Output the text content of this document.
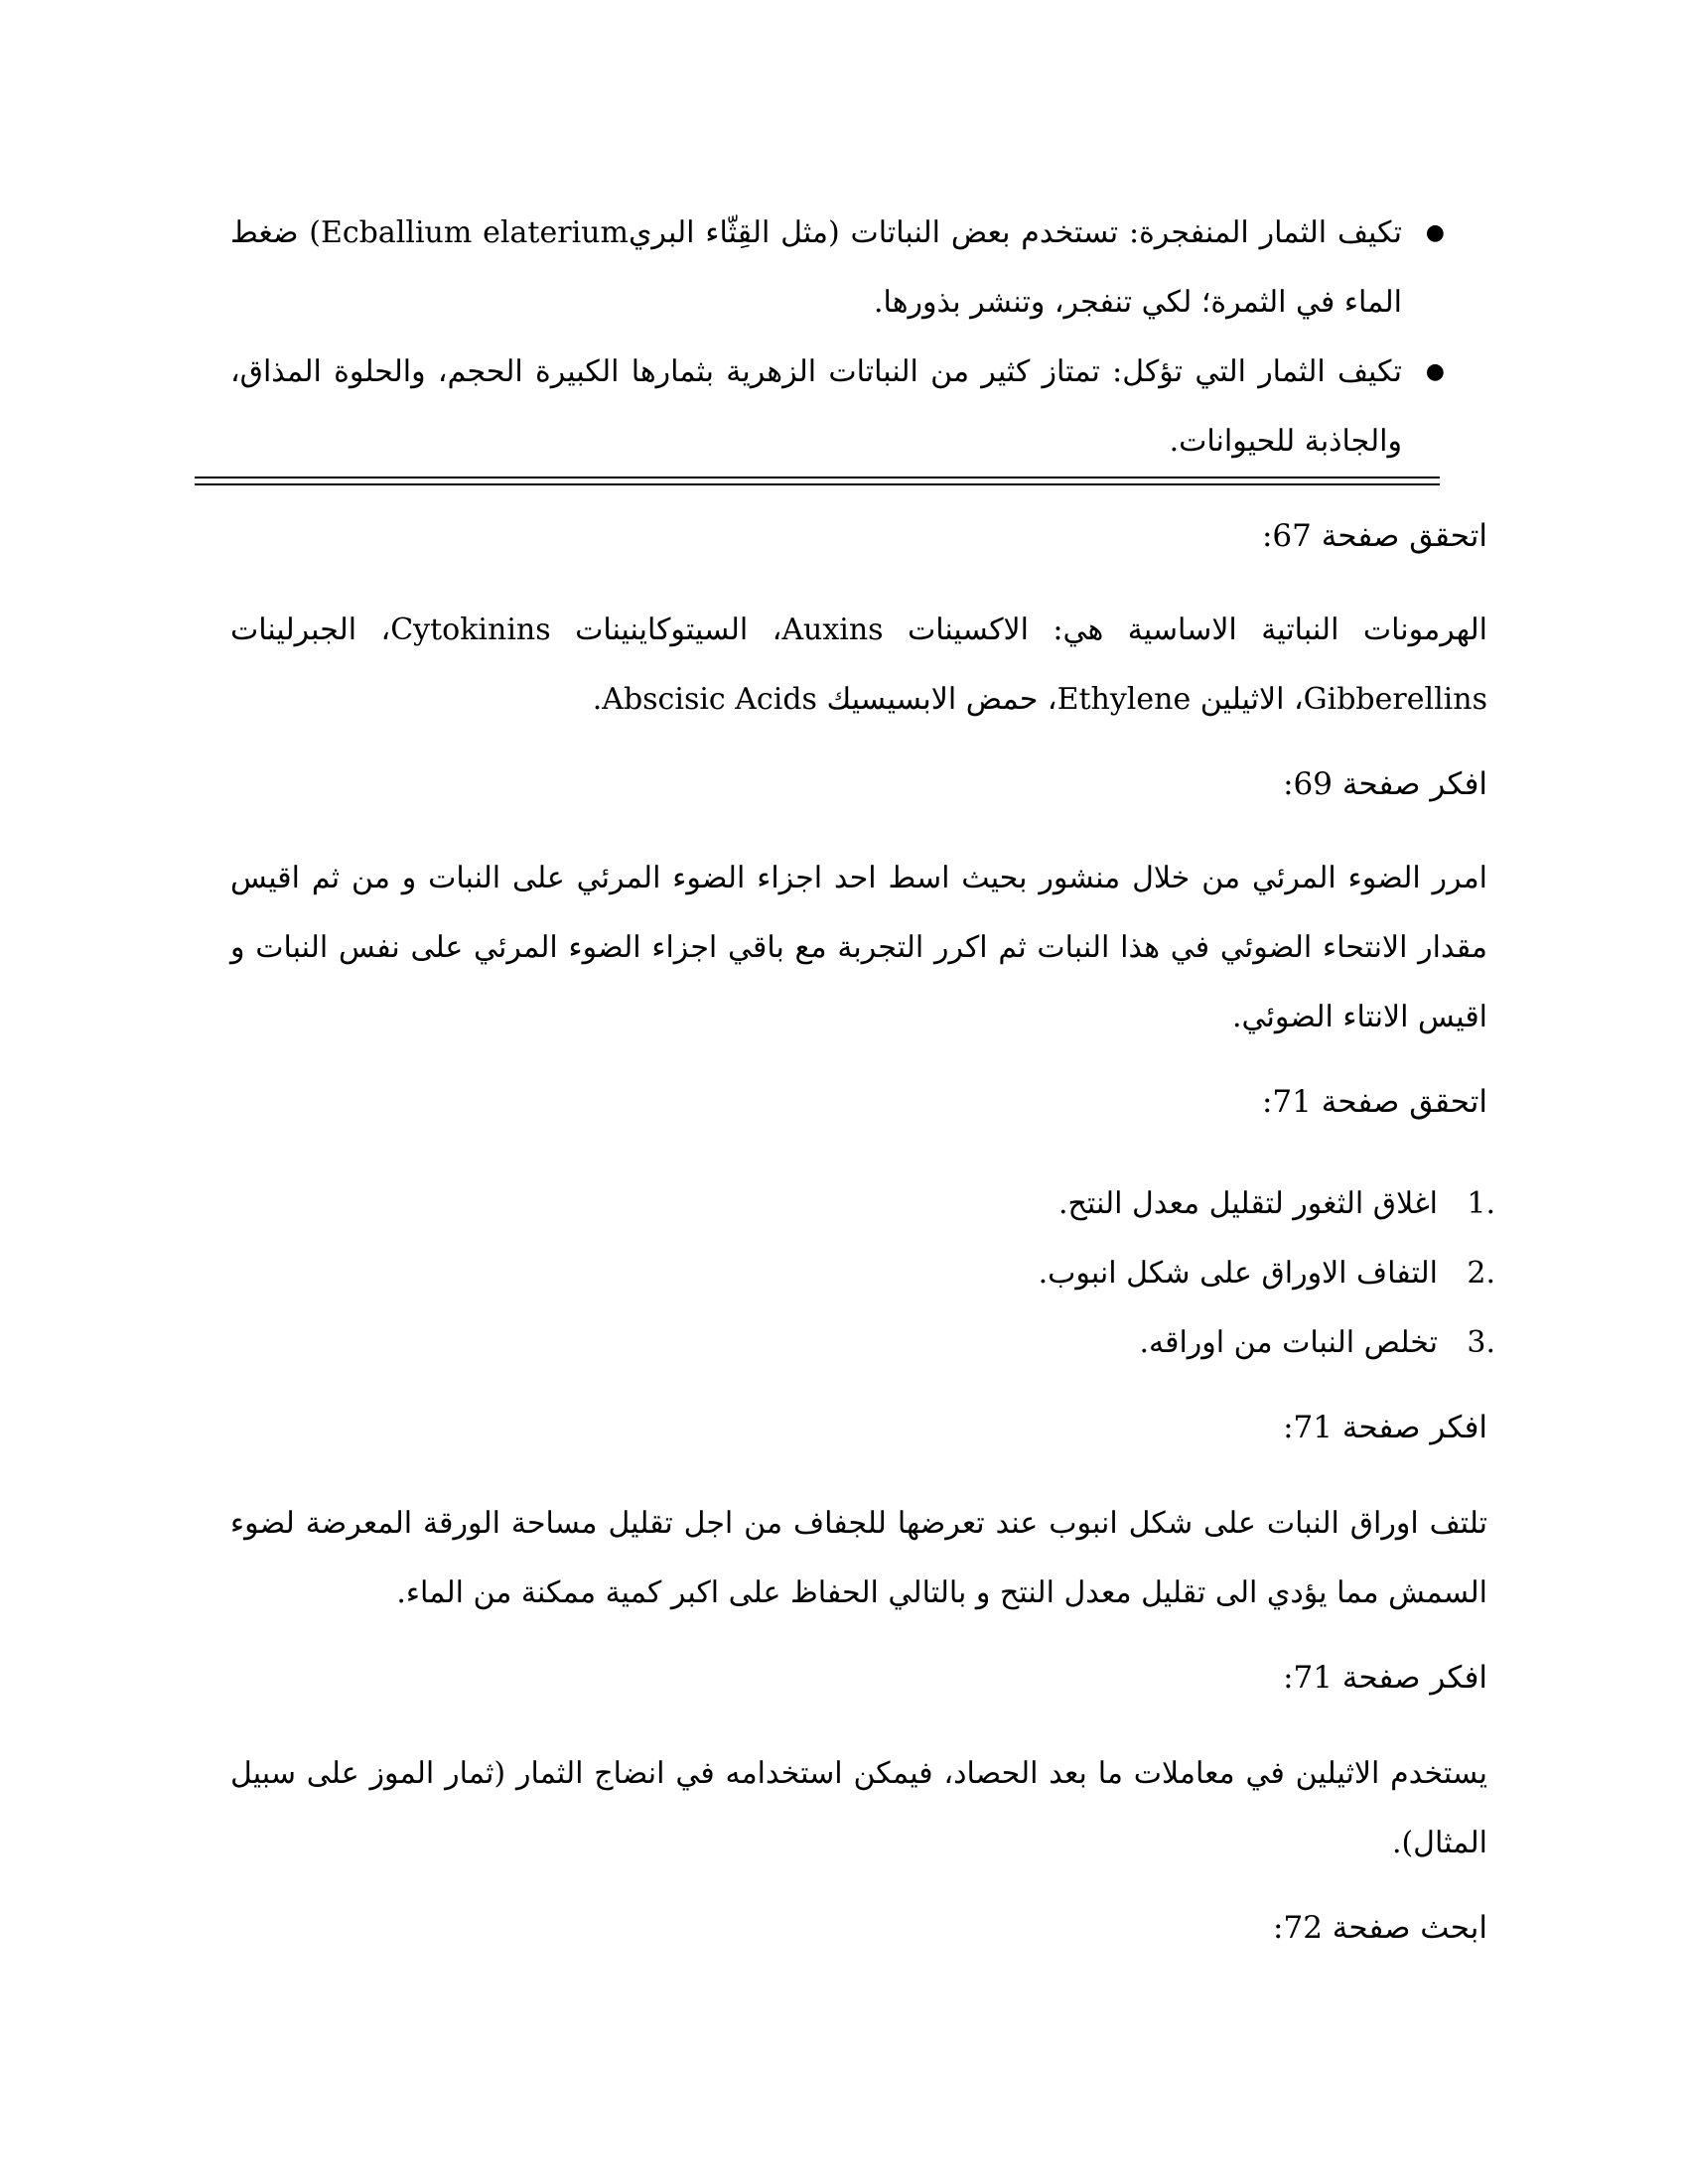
●
تكيف الثمار المنفجرة: تستخدم بعض النباتات (مثل القِثّاء البريEcballium elaterium) ضغط الماء في الثمرة؛ لكي تنفجر، وتنشر بذورها.
●
تكيف الثمار التي تؤكل: تمتاز كثير من النباتات الزهرية بثمارها الكبيرة الحجم، والحلوة المذاق، والجاذبة للحيوانات.
اتحقق صفحة 67:
الهرمونات النباتية الاساسية هي: الاكسينات Auxins، السيتوكاينينات Cytokinins، الجبرلينات Gibberellins، الاثيلين Ethylene، حمض الابسيسيك Abscisic Acids.
افكر صفحة 69:
امرر الضوء المرئي من خلال منشور بحيث اسط احد اجزاء الضوء المرئي على النبات و من ثم اقيس مقدار الانتحاء الضوئي في هذا النبات ثم اكرر التجربة مع باقي اجزاء الضوء المرئي على نفس النبات و اقيس الانتاء الضوئي.
اتحقق صفحة 71:
1.
اغلاق الثغور لتقليل معدل النتح.
2.
التفاف الاوراق على شكل انبوب.
3.
تخلص النبات من اوراقه.
افكر صفحة 71:
تلتف اوراق النبات على شكل انبوب عند تعرضها للجفاف من اجل تقليل مساحة الورقة المعرضة لضوء السمش مما يؤدي الى تقليل معدل النتح و بالتالي الحفاظ على اكبر كمية ممكنة من الماء.
افكر صفحة 71:
يستخدم الاثيلين في معاملات ما بعد الحصاد، فيمكن استخدامه في انضاج الثمار (ثمار الموز على سبيل المثال).
ابحث صفحة 72:
